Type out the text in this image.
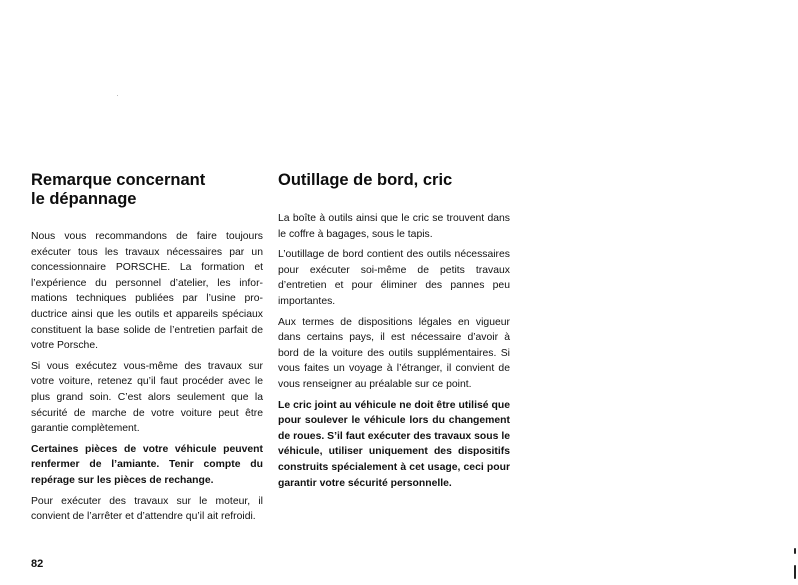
Remarque concernant
le dépannage

Nous vous recommandons de faire toujours exécuter tous les travaux nécessaires par un concessionnaire PORSCHE. La formation et l’expérience du personnel d’atelier, les informations techniques publiées par l’usine productrice ainsi que les outils et appareils spéciaux constituent la base solide de l’entretien parfait de votre Porsche.

Si vous exécutez vous-même des travaux sur votre voiture, retenez qu’il faut procéder avec le plus grand soin. C’est alors seulement que la sécurité de marche de votre voiture peut être garantie complètement.

Certaines pièces de votre véhicule peuvent renfermer de l’amiante. Tenir compte du repérage sur les pièces de rechange.

Pour exécuter des travaux sur le moteur, il convient de l’arrêter et d’attendre qu’il ait refroidi.

Outillage de bord, cric

La boîte à outils ainsi que le cric se trouvent dans le coffre à bagages, sous le tapis.

L’outillage de bord contient des outils nécessaires pour exécuter soi-même de petits travaux d’entretien et pour éliminer des pannes peu importantes.

Aux termes de dispositions légales en vigueur dans certains pays, il est nécessaire d’avoir à bord de la voiture des outils supplémentaires. Si vous faites un voyage à l’étranger, il convient de vous renseigner au préalable sur ce point.

Le cric joint au véhicule ne doit être utilisé que pour soulever le véhicule lors du changement de roues. S’il faut exécuter des travaux sous le véhicule, utiliser uniquement des dispositifs construits spécialement à cet usage, ceci pour garantir votre sécurité personnelle.

82
